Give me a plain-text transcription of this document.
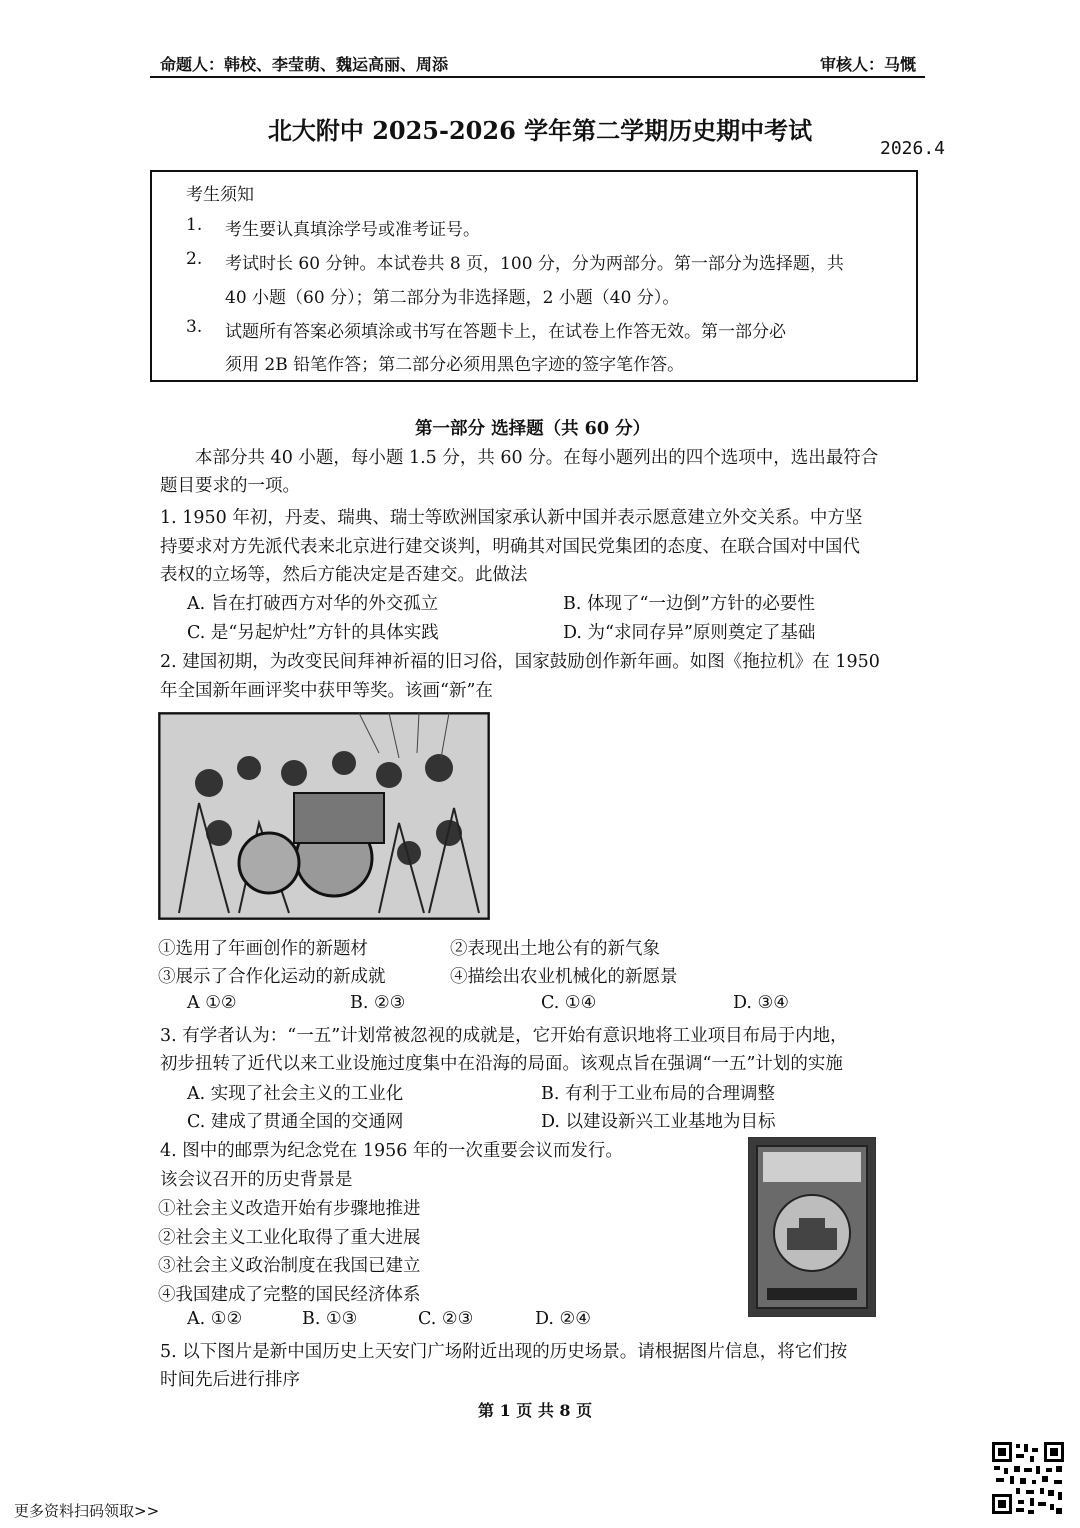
命题人：韩校、李莹萌、魏运高丽、周添	审核人：马慨
北大附中 2025-2026 学年第二学期历史期中考试
2026.4
考生须知
1. 考生要认真填涂学号或准考证号。
2. 考试时长 60 分钟。本试卷共 8 页，100 分，分为两部分。第一部分为选择题，共
40 小题（60 分）；第二部分为非选择题，2 小题（40 分）。
3. 试题所有答案必须填涂或书写在答题卡上，在试卷上作答无效。第一部分必
须用 2B 铅笔作答；第二部分必须用黑色字迹的签字笔作答。
第一部分 选择题（共 60 分）
本部分共 40 小题，每小题 1.5 分，共 60 分。在每小题列出的四个选项中，选出最符合
题目要求的一项。
1. 1950 年初，丹麦、瑞典、瑞士等欧洲国家承认新中国并表示愿意建立外交关系。中方坚
持要求对方先派代表来北京进行建交谈判，明确其对国民党集团的态度、在联合国对中国代
表权的立场等，然后方能决定是否建交。此做法
A. 旨在打破西方对华的外交孤立	B. 体现了“一边倒”方针的必要性
C. 是“另起炉灶”方针的具体实践	D. 为“求同存异”原则奠定了基础
2. 建国初期，为改变民间拜神祈福的旧习俗，国家鼓励创作新年画。如图《拖拉机》在 1950
年全国新年画评奖中获甲等奖。该画“新”在
①选用了年画创作的新题材	②表现出土地公有的新气象
③展示了合作化运动的新成就	④描绘出农业机械化的新愿景
A ①②	B. ②③	C. ①④	D. ③④
3. 有学者认为：“一五”计划常被忽视的成就是，它开始有意识地将工业项目布局于内地，
初步扭转了近代以来工业设施过度集中在沿海的局面。该观点旨在强调“一五”计划的实施
A. 实现了社会主义的工业化	B. 有利于工业布局的合理调整
C. 建成了贯通全国的交通网	D. 以建设新兴工业基地为目标
4. 图中的邮票为纪念党在 1956 年的一次重要会议而发行。
该会议召开的历史背景是
①社会主义改造开始有步骤地推进
②社会主义工业化取得了重大进展
③社会主义政治制度在我国已建立
④我国建成了完整的国民经济体系
A. ①②	B. ①③	C. ②③	D. ②④
5. 以下图片是新中国历史上天安门广场附近出现的历史场景。请根据图片信息，将它们按
时间先后进行排序
第 1 页 共 8 页
更多资料扫码领取>>
